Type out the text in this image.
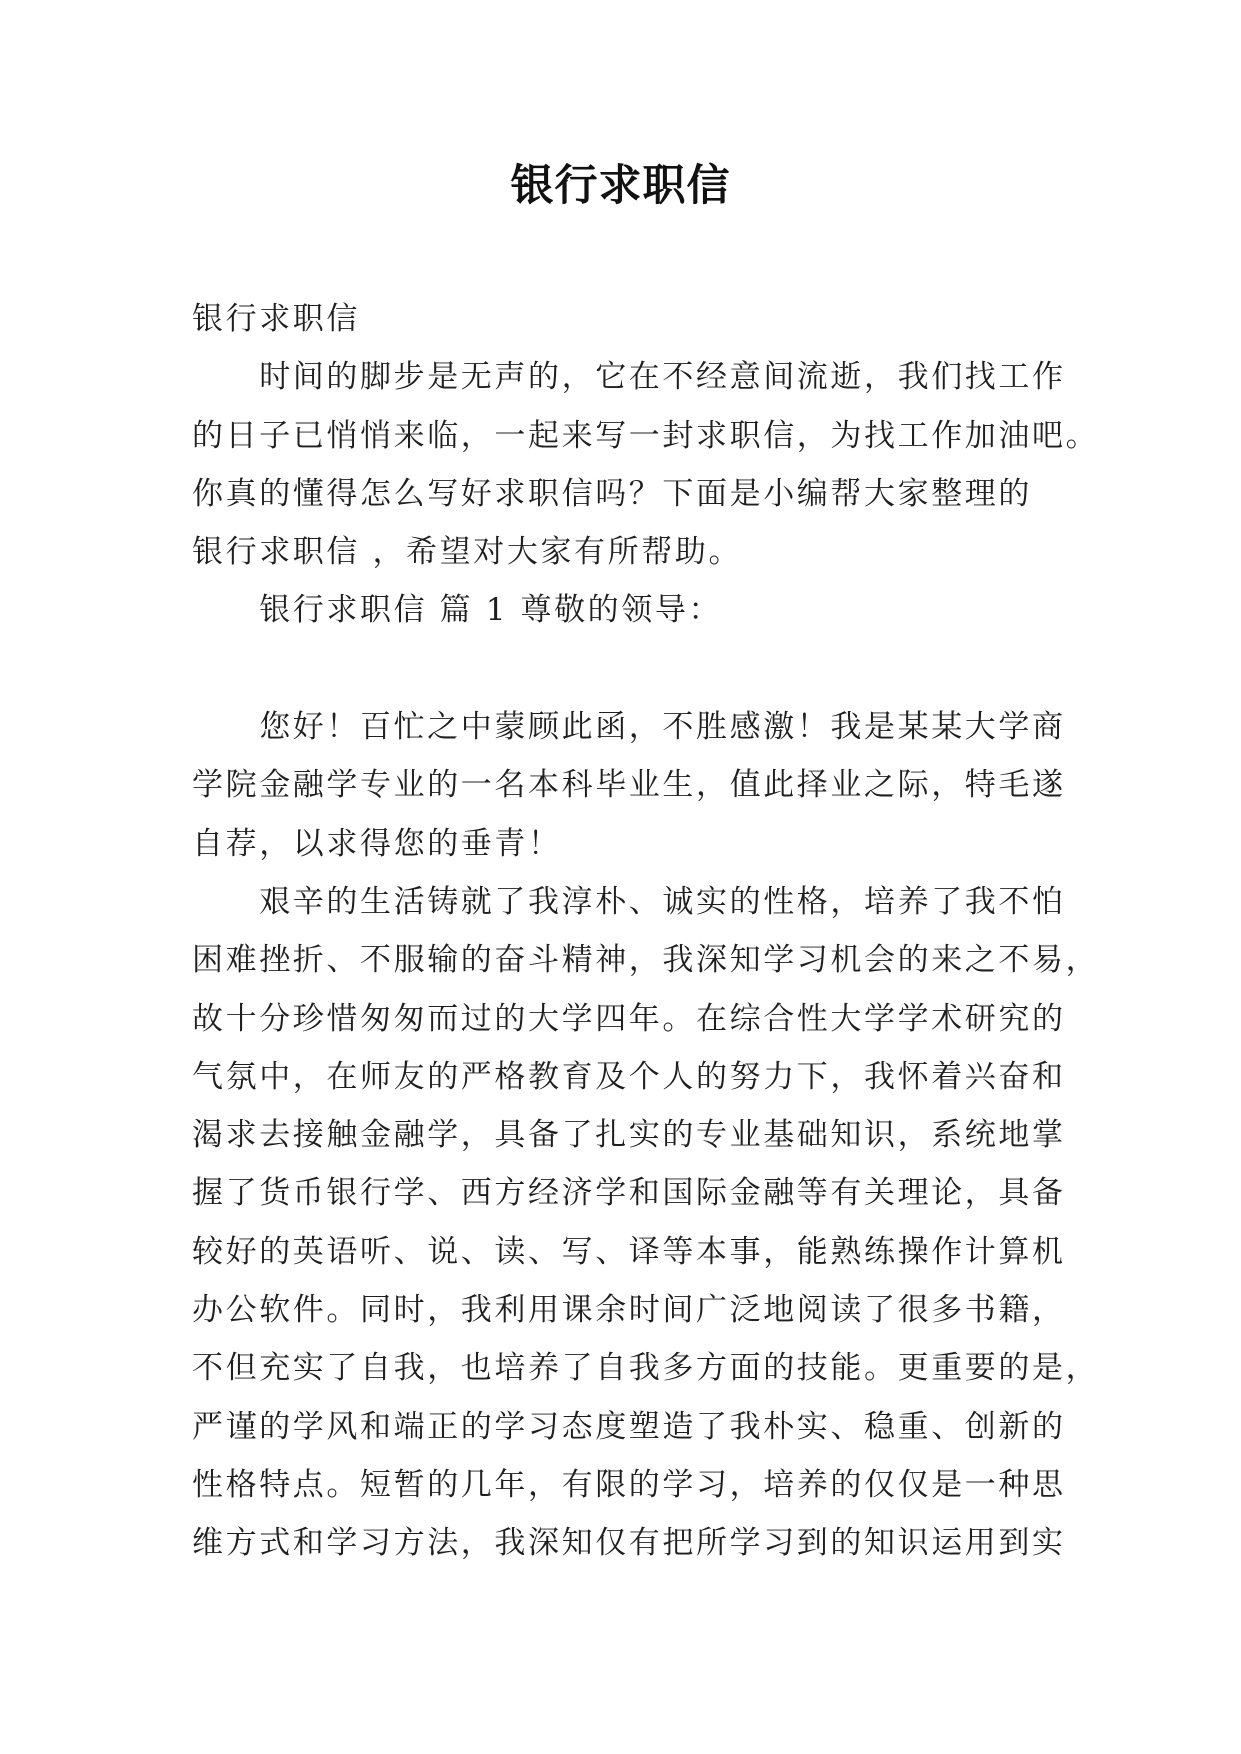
银行求职信
银行求职信
　　时间的脚步是无声的，它在不经意间流逝，我们找工作
的日子已悄悄来临，一起来写一封求职信，为找工作加油吧。
你真的懂得怎么写好求职信吗？下面是小编帮大家整理的
银行求职信 ，希望对大家有所帮助。
　　银行求职信 篇 1 尊敬的领导：
　　您好！百忙之中蒙顾此函，不胜感激！我是某某大学商
学院金融学专业的一名本科毕业生，值此择业之际，特毛遂
自荐，以求得您的垂青！
　　艰辛的生活铸就了我淳朴、诚实的性格，培养了我不怕
困难挫折、不服输的奋斗精神，我深知学习机会的来之不易，
故十分珍惜匆匆而过的大学四年。在综合性大学学术研究的
气氛中，在师友的严格教育及个人的努力下，我怀着兴奋和
渴求去接触金融学，具备了扎实的专业基础知识，系统地掌
握了货币银行学、西方经济学和国际金融等有关理论，具备
较好的英语听、说、读、写、译等本事，能熟练操作计算机
办公软件。同时，我利用课余时间广泛地阅读了很多书籍，
不但充实了自我，也培养了自我多方面的技能。更重要的是，
严谨的学风和端正的学习态度塑造了我朴实、稳重、创新的
性格特点。短暂的几年，有限的学习，培养的仅仅是一种思
维方式和学习方法，我深知仅有把所学习到的知识运用到实
